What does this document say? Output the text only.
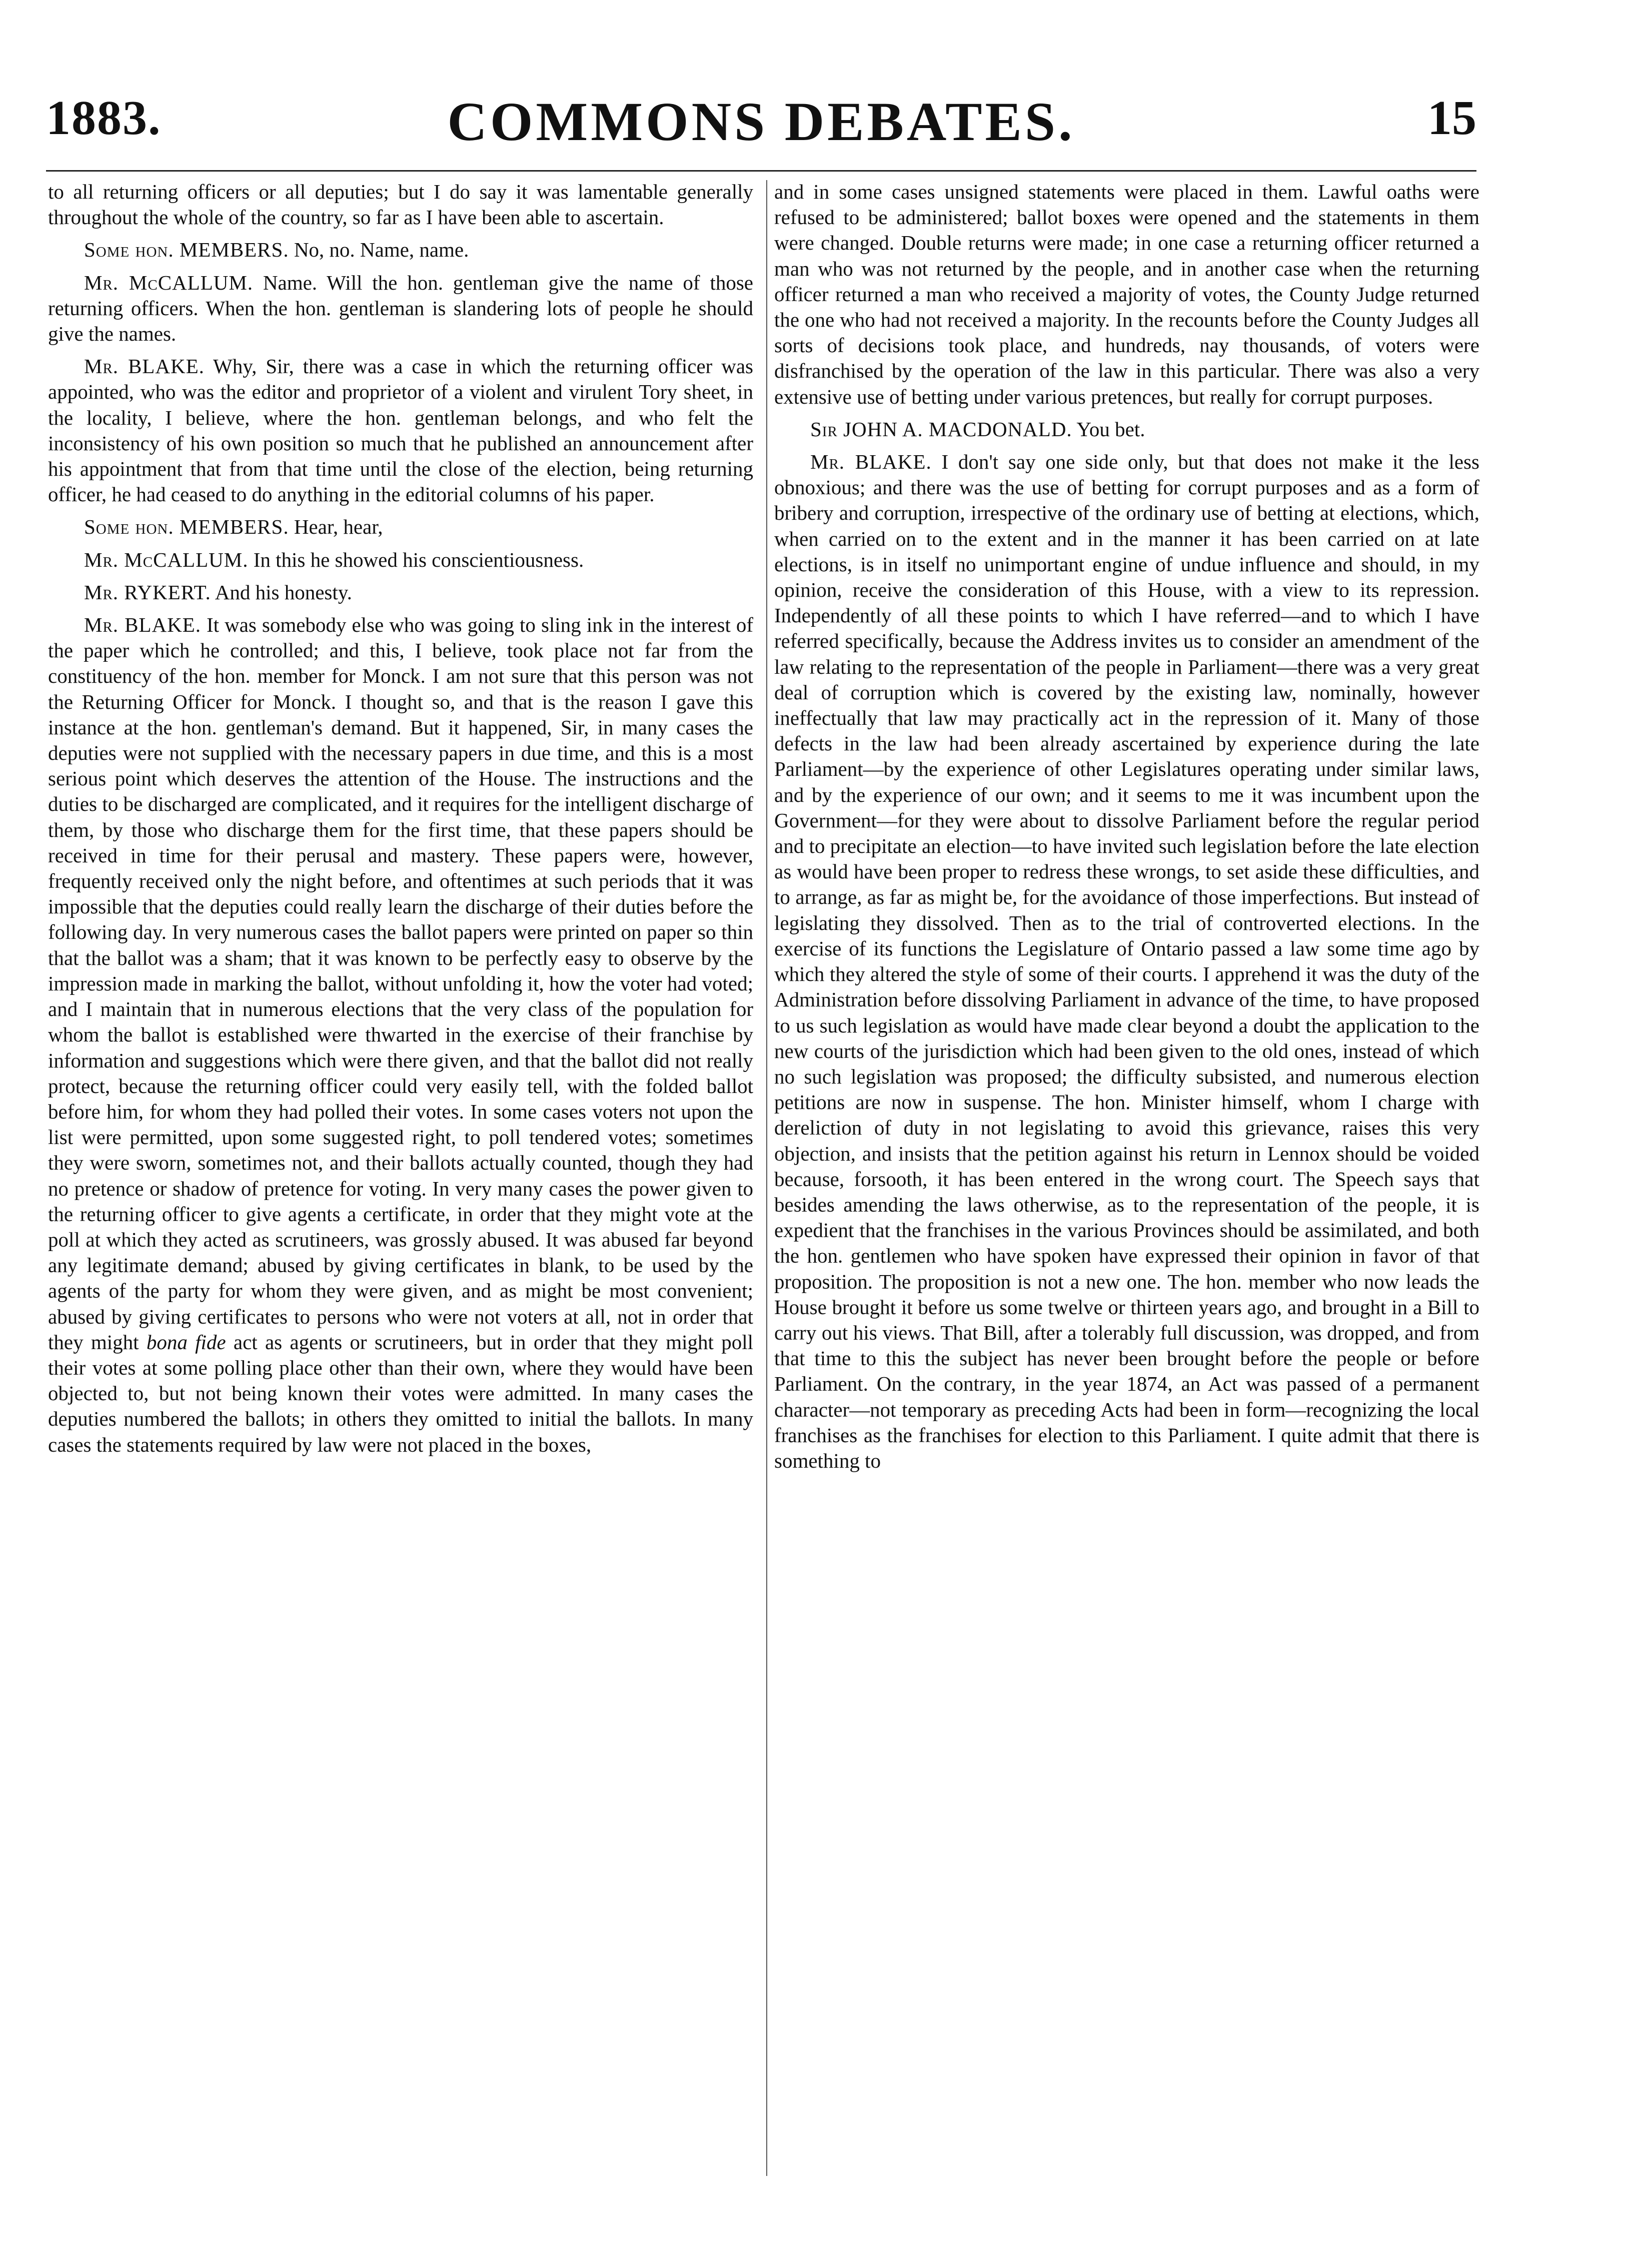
1883.	COMMONS DEBATES.	15

to all returning officers or all deputies; but I do say it was lamentable generally throughout the whole of the country, so far as I have been able to ascertain.

Some hon. MEMBERS. No, no. Name, name.

Mr. McCALLUM. Name. Will the hon. gentleman give the name of those returning officers. When the hon. gentleman is slandering lots of people he should give the names.

Mr. BLAKE. Why, Sir, there was a case in which the returning officer was appointed, who was the editor and proprietor of a violent and virulent Tory sheet, in the locality, I believe, where the hon. gentleman belongs, and who felt the inconsistency of his own position so much that he published an announcement after his appointment that from that time until the close of the election, being returning officer, he had ceased to do anything in the editorial columns of his paper.

Some hon. MEMBERS. Hear, hear,

Mr. McCALLUM. In this he showed his conscientiousness.

Mr. RYKERT. And his honesty.

Mr. BLAKE. It was somebody else who was going to sling ink in the interest of the paper which he controlled; and this, I believe, took place not far from the constituency of the hon. member for Monck. I am not sure that this person was not the Returning Officer for Monck. I thought so, and that is the reason I gave this instance at the hon. gentleman's demand. But it happened, Sir, in many cases the deputies were not supplied with the necessary papers in due time, and this is a most serious point which deserves the attention of the House. The instructions and the duties to be discharged are complicated, and it requires for the intelligent discharge of them, by those who discharge them for the first time, that these papers should be received in time for their perusal and mastery. These papers were, however, frequently received only the night before, and oftentimes at such periods that it was impossible that the deputies could really learn the discharge of their duties before the following day. In very numerous cases the ballot papers were printed on paper so thin that the ballot was a sham; that it was known to be perfectly easy to observe by the impression made in marking the ballot, without unfolding it, how the voter had voted; and I maintain that in numerous elections that the very class of the population for whom the ballot is established were thwarted in the exercise of their franchise by information and suggestions which were there given, and that the ballot did not really protect, because the returning officer could very easily tell, with the folded ballot before him, for whom they had polled their votes. In some cases voters not upon the list were permitted, upon some suggested right, to poll tendered votes; sometimes they were sworn, sometimes not, and their ballots actually counted, though they had no pretence or shadow of pretence for voting. In very many cases the power given to the returning officer to give agents a certificate, in order that they might vote at the poll at which they acted as scrutineers, was grossly abused. It was abused far beyond any legitimate demand; abused by giving certificates in blank, to be used by the agents of the party for whom they were given, and as might be most convenient; abused by giving certificates to persons who were not voters at all, not in order that they might bona fide act as agents or scrutineers, but in order that they might poll their votes at some polling place other than their own, where they would have been objected to, but not being known their votes were admitted. In many cases the deputies numbered the ballots; in others they omitted to initial the ballots. In many cases the statements required by law were not placed in the boxes,

and in some cases unsigned statements were placed in them. Lawful oaths were refused to be administered; ballot boxes were opened and the statements in them were changed. Double returns were made; in one case a returning officer returned a man who was not returned by the people, and in another case when the returning officer returned a man who received a majority of votes, the County Judge returned the one who had not received a majority. In the recounts before the County Judges all sorts of decisions took place, and hundreds, nay thousands, of voters were disfranchised by the operation of the law in this particular. There was also a very extensive use of betting under various pretences, but really for corrupt purposes.

Sir JOHN A. MACDONALD. You bet.

Mr. BLAKE. I don't say one side only, but that does not make it the less obnoxious; and there was the use of betting for corrupt purposes and as a form of bribery and corruption, irrespective of the ordinary use of betting at elections, which, when carried on to the extent and in the manner it has been carried on at late elections, is in itself no unimportant engine of undue influence and should, in my opinion, receive the consideration of this House, with a view to its repression. Independently of all these points to which I have referred—and to which I have referred specifically, because the Address invites us to consider an amendment of the law relating to the representation of the people in Parliament—there was a very great deal of corruption which is covered by the existing law, nominally, however ineffectually that law may practically act in the repression of it. Many of those defects in the law had been already ascertained by experience during the late Parliament—by the experience of other Legislatures operating under similar laws, and by the experience of our own; and it seems to me it was incumbent upon the Government—for they were about to dissolve Parliament before the regular period and to precipitate an election—to have invited such legislation before the late election as would have been proper to redress these wrongs, to set aside these difficulties, and to arrange, as far as might be, for the avoidance of those imperfections. But instead of legislating they dissolved. Then as to the trial of controverted elections. In the exercise of its functions the Legislature of Ontario passed a law some time ago by which they altered the style of some of their courts. I apprehend it was the duty of the Administration before dissolving Parliament in advance of the time, to have proposed to us such legislation as would have made clear beyond a doubt the application to the new courts of the jurisdiction which had been given to the old ones, instead of which no such legislation was proposed; the difficulty subsisted, and numerous election petitions are now in suspense. The hon. Minister himself, whom I charge with dereliction of duty in not legislating to avoid this grievance, raises this very objection, and insists that the petition against his return in Lennox should be voided because, forsooth, it has been entered in the wrong court. The Speech says that besides amending the laws otherwise, as to the representation of the people, it is expedient that the franchises in the various Provinces should be assimilated, and both the hon. gentlemen who have spoken have expressed their opinion in favor of that proposition. The proposition is not a new one. The hon. member who now leads the House brought it before us some twelve or thirteen years ago, and brought in a Bill to carry out his views. That Bill, after a tolerably full discussion, was dropped, and from that time to this the subject has never been brought before the people or before Parliament. On the contrary, in the year 1874, an Act was passed of a permanent character—not temporary as preceding Acts had been in form—recognizing the local franchises as the franchises for election to this Parliament. I quite admit that there is something to
